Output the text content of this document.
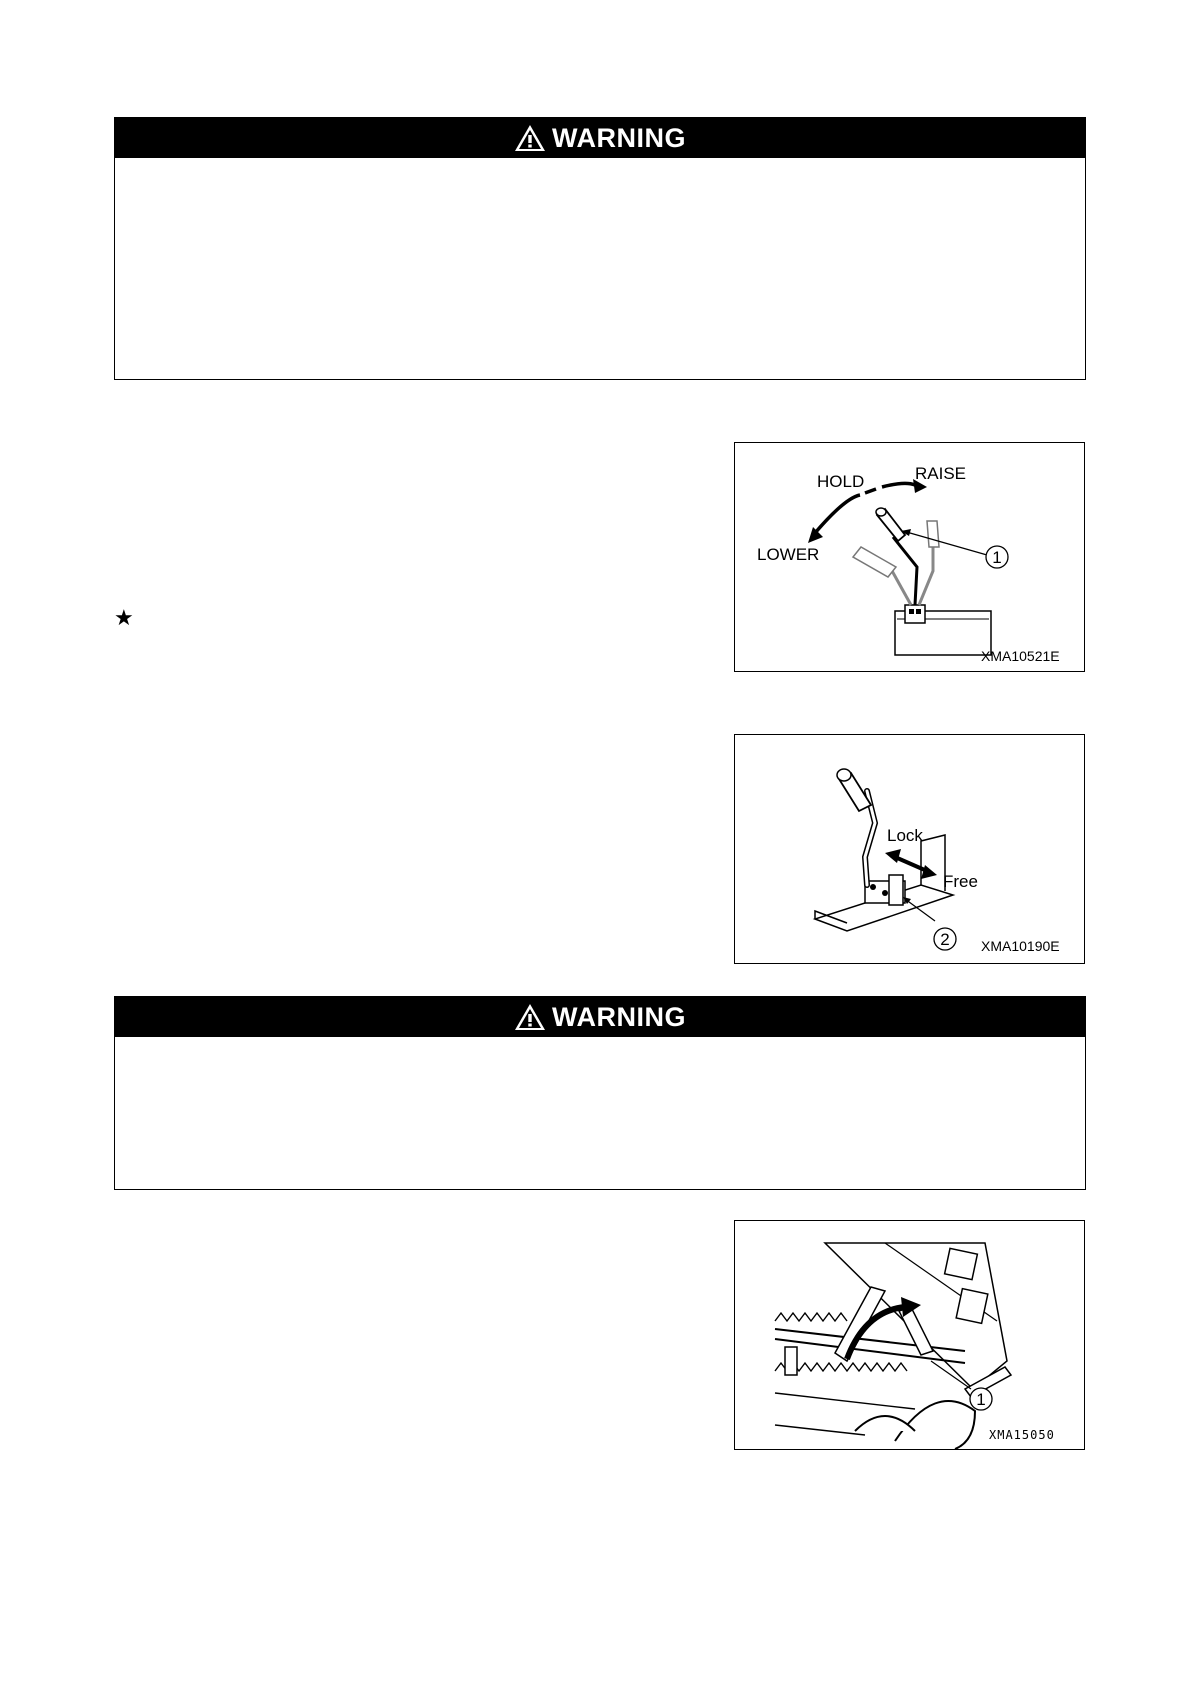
WARNING
★
1
HOLD	RAISE
LOWER
XMA10521E
2
Lock
Free
XMA10190E
WARNING
1
XMA15050
